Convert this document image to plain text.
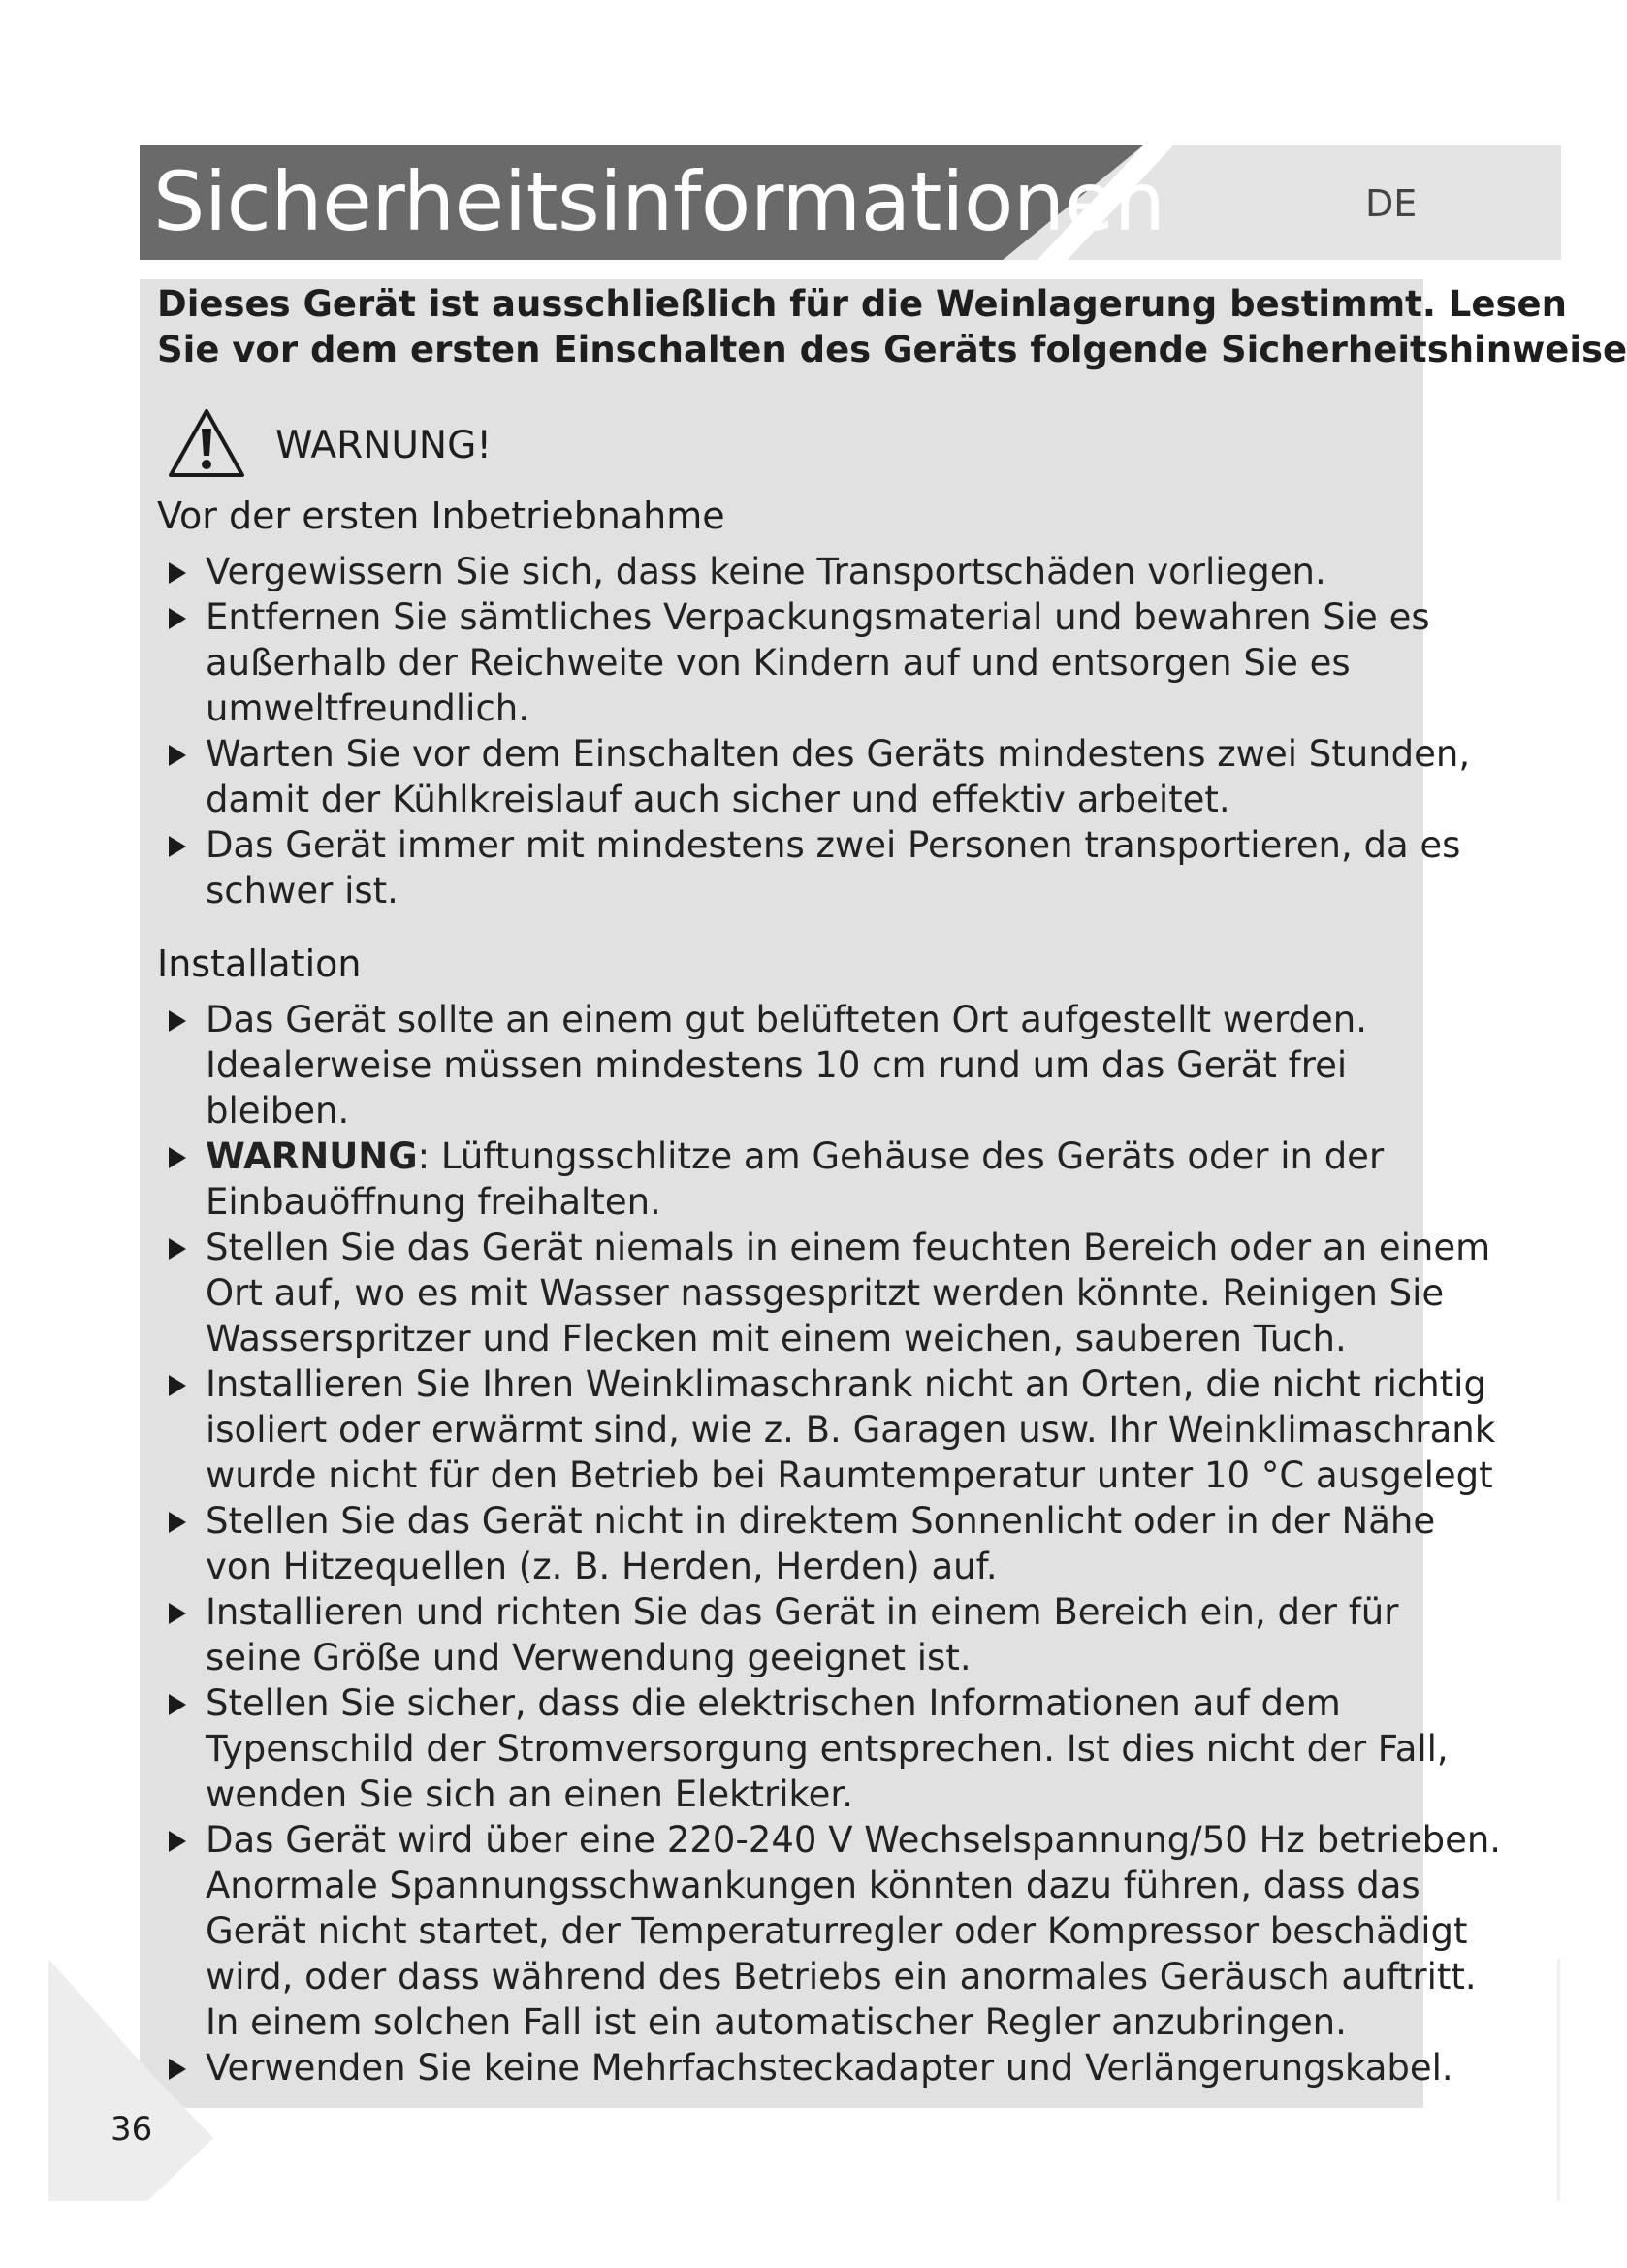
Sicherheitsinformationen	DE
Dieses Gerät ist ausschließlich für die Weinlagerung bestimmt. Lesen
Sie vor dem ersten Einschalten des Geräts folgende Sicherheitshinweise
WARNUNG!
Vor der ersten Inbetriebnahme
Vergewissern Sie sich, dass keine Transportschäden vorliegen.
Entfernen Sie sämtliches Verpackungsmaterial und bewahren Sie es
außerhalb der Reichweite von Kindern auf und entsorgen Sie es
umweltfreundlich.
Warten Sie vor dem Einschalten des Geräts mindestens zwei Stunden,
damit der Kühlkreislauf auch sicher und effektiv arbeitet.
Das Gerät immer mit mindestens zwei Personen transportieren, da es
schwer ist.
Installation
Das Gerät sollte an einem gut belüfteten Ort aufgestellt werden.
Idealerweise müssen mindestens 10 cm rund um das Gerät frei
bleiben.
WARNUNG: Lüftungsschlitze am Gehäuse des Geräts oder in der
Einbauöffnung freihalten.
Stellen Sie das Gerät niemals in einem feuchten Bereich oder an einem
Ort auf, wo es mit Wasser nassgespritzt werden könnte. Reinigen Sie
Wasserspritzer und Flecken mit einem weichen, sauberen Tuch.
Installieren Sie Ihren Weinklimaschrank nicht an Orten, die nicht richtig
isoliert oder erwärmt sind, wie z. B. Garagen usw. Ihr Weinklimaschrank
wurde nicht für den Betrieb bei Raumtemperatur unter 10 °C ausgelegt
Stellen Sie das Gerät nicht in direktem Sonnenlicht oder in der Nähe
von Hitzequellen (z. B. Herden, Herden) auf.
Installieren und richten Sie das Gerät in einem Bereich ein, der für
seine Größe und Verwendung geeignet ist.
Stellen Sie sicher, dass die elektrischen Informationen auf dem
Typenschild der Stromversorgung entsprechen. Ist dies nicht der Fall,
wenden Sie sich an einen Elektriker.
Das Gerät wird über eine 220-240 V Wechselspannung/50 Hz betrieben.
Anormale Spannungsschwankungen könnten dazu führen, dass das
Gerät nicht startet, der Temperaturregler oder Kompressor beschädigt
wird, oder dass während des Betriebs ein anormales Geräusch auftritt.
In einem solchen Fall ist ein automatischer Regler anzubringen.
Verwenden Sie keine Mehrfachsteckadapter und Verlängerungskabel.
36
